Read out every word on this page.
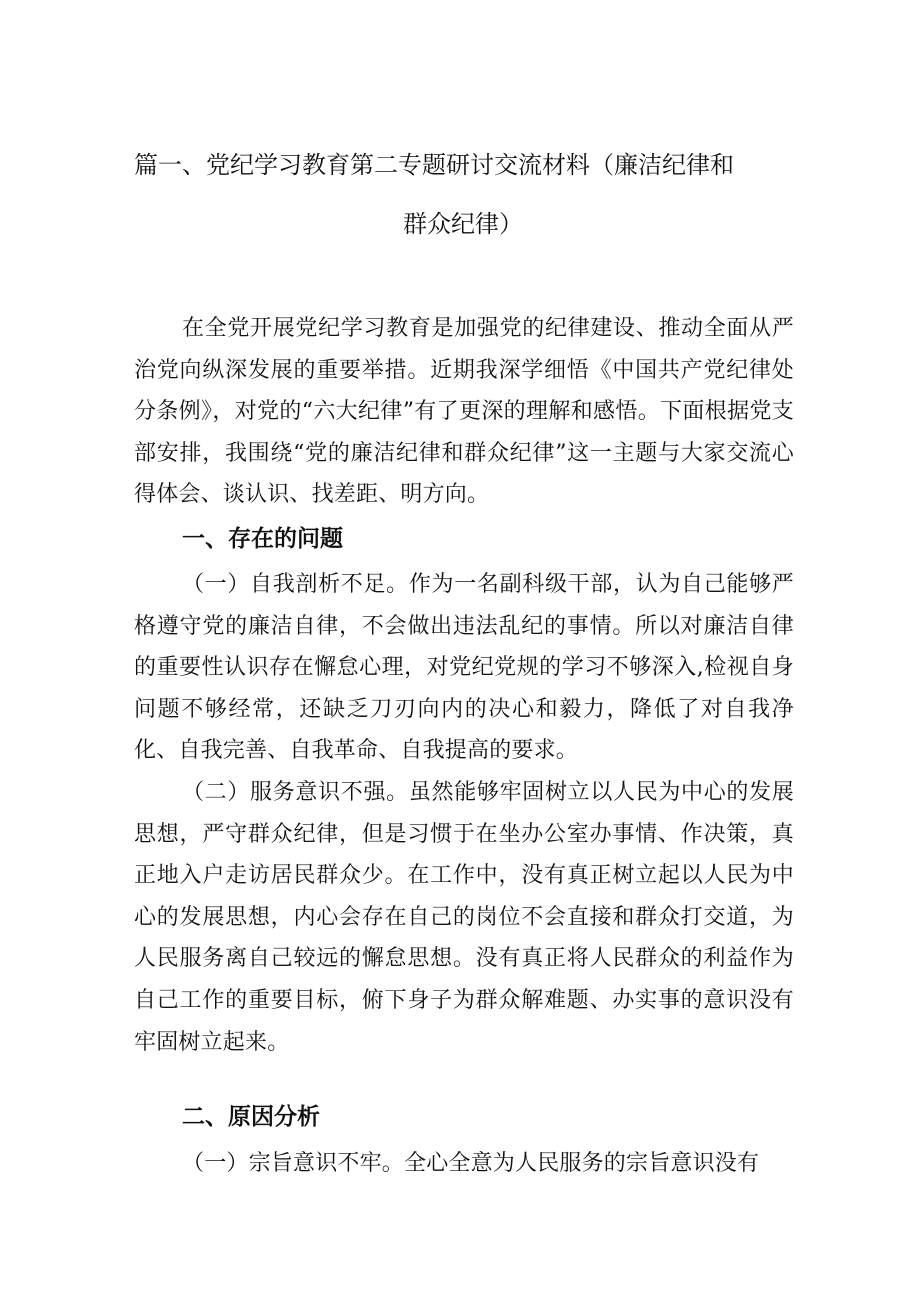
篇一、党纪学习教育第二专题研讨交流材料（廉洁纪律和
群众纪律）

在全党开展党纪学习教育是加强党的纪律建设、推动全面从严治党向纵深发展的重要举措。近期我深学细悟《中国共产党纪律处分条例》，对党的“六大纪律”有了更深的理解和感悟。下面根据党支部安排，我围绕“党的廉洁纪律和群众纪律”这一主题与大家交流心得体会、谈认识、找差距、明方向。

一、存在的问题

（一）自我剖析不足。作为一名副科级干部，认为自己能够严格遵守党的廉洁自律，不会做出违法乱纪的事情。所以对廉洁自律的重要性认识存在懈怠心理，对党纪党规的学习不够深入,检视自身问题不够经常，还缺乏刀刃向内的决心和毅力，降低了对自我净化、自我完善、自我革命、自我提高的要求。

（二）服务意识不强。虽然能够牢固树立以人民为中心的发展思想，严守群众纪律，但是习惯于在坐办公室办事情、作决策，真正地入户走访居民群众少。在工作中，没有真正树立起以人民为中心的发展思想，内心会存在自己的岗位不会直接和群众打交道，为人民服务离自己较远的懈怠思想。没有真正将人民群众的利益作为自己工作的重要目标，俯下身子为群众解难题、办实事的意识没有牢固树立起来。

二、原因分析

（一）宗旨意识不牢。全心全意为人民服务的宗旨意识没有
